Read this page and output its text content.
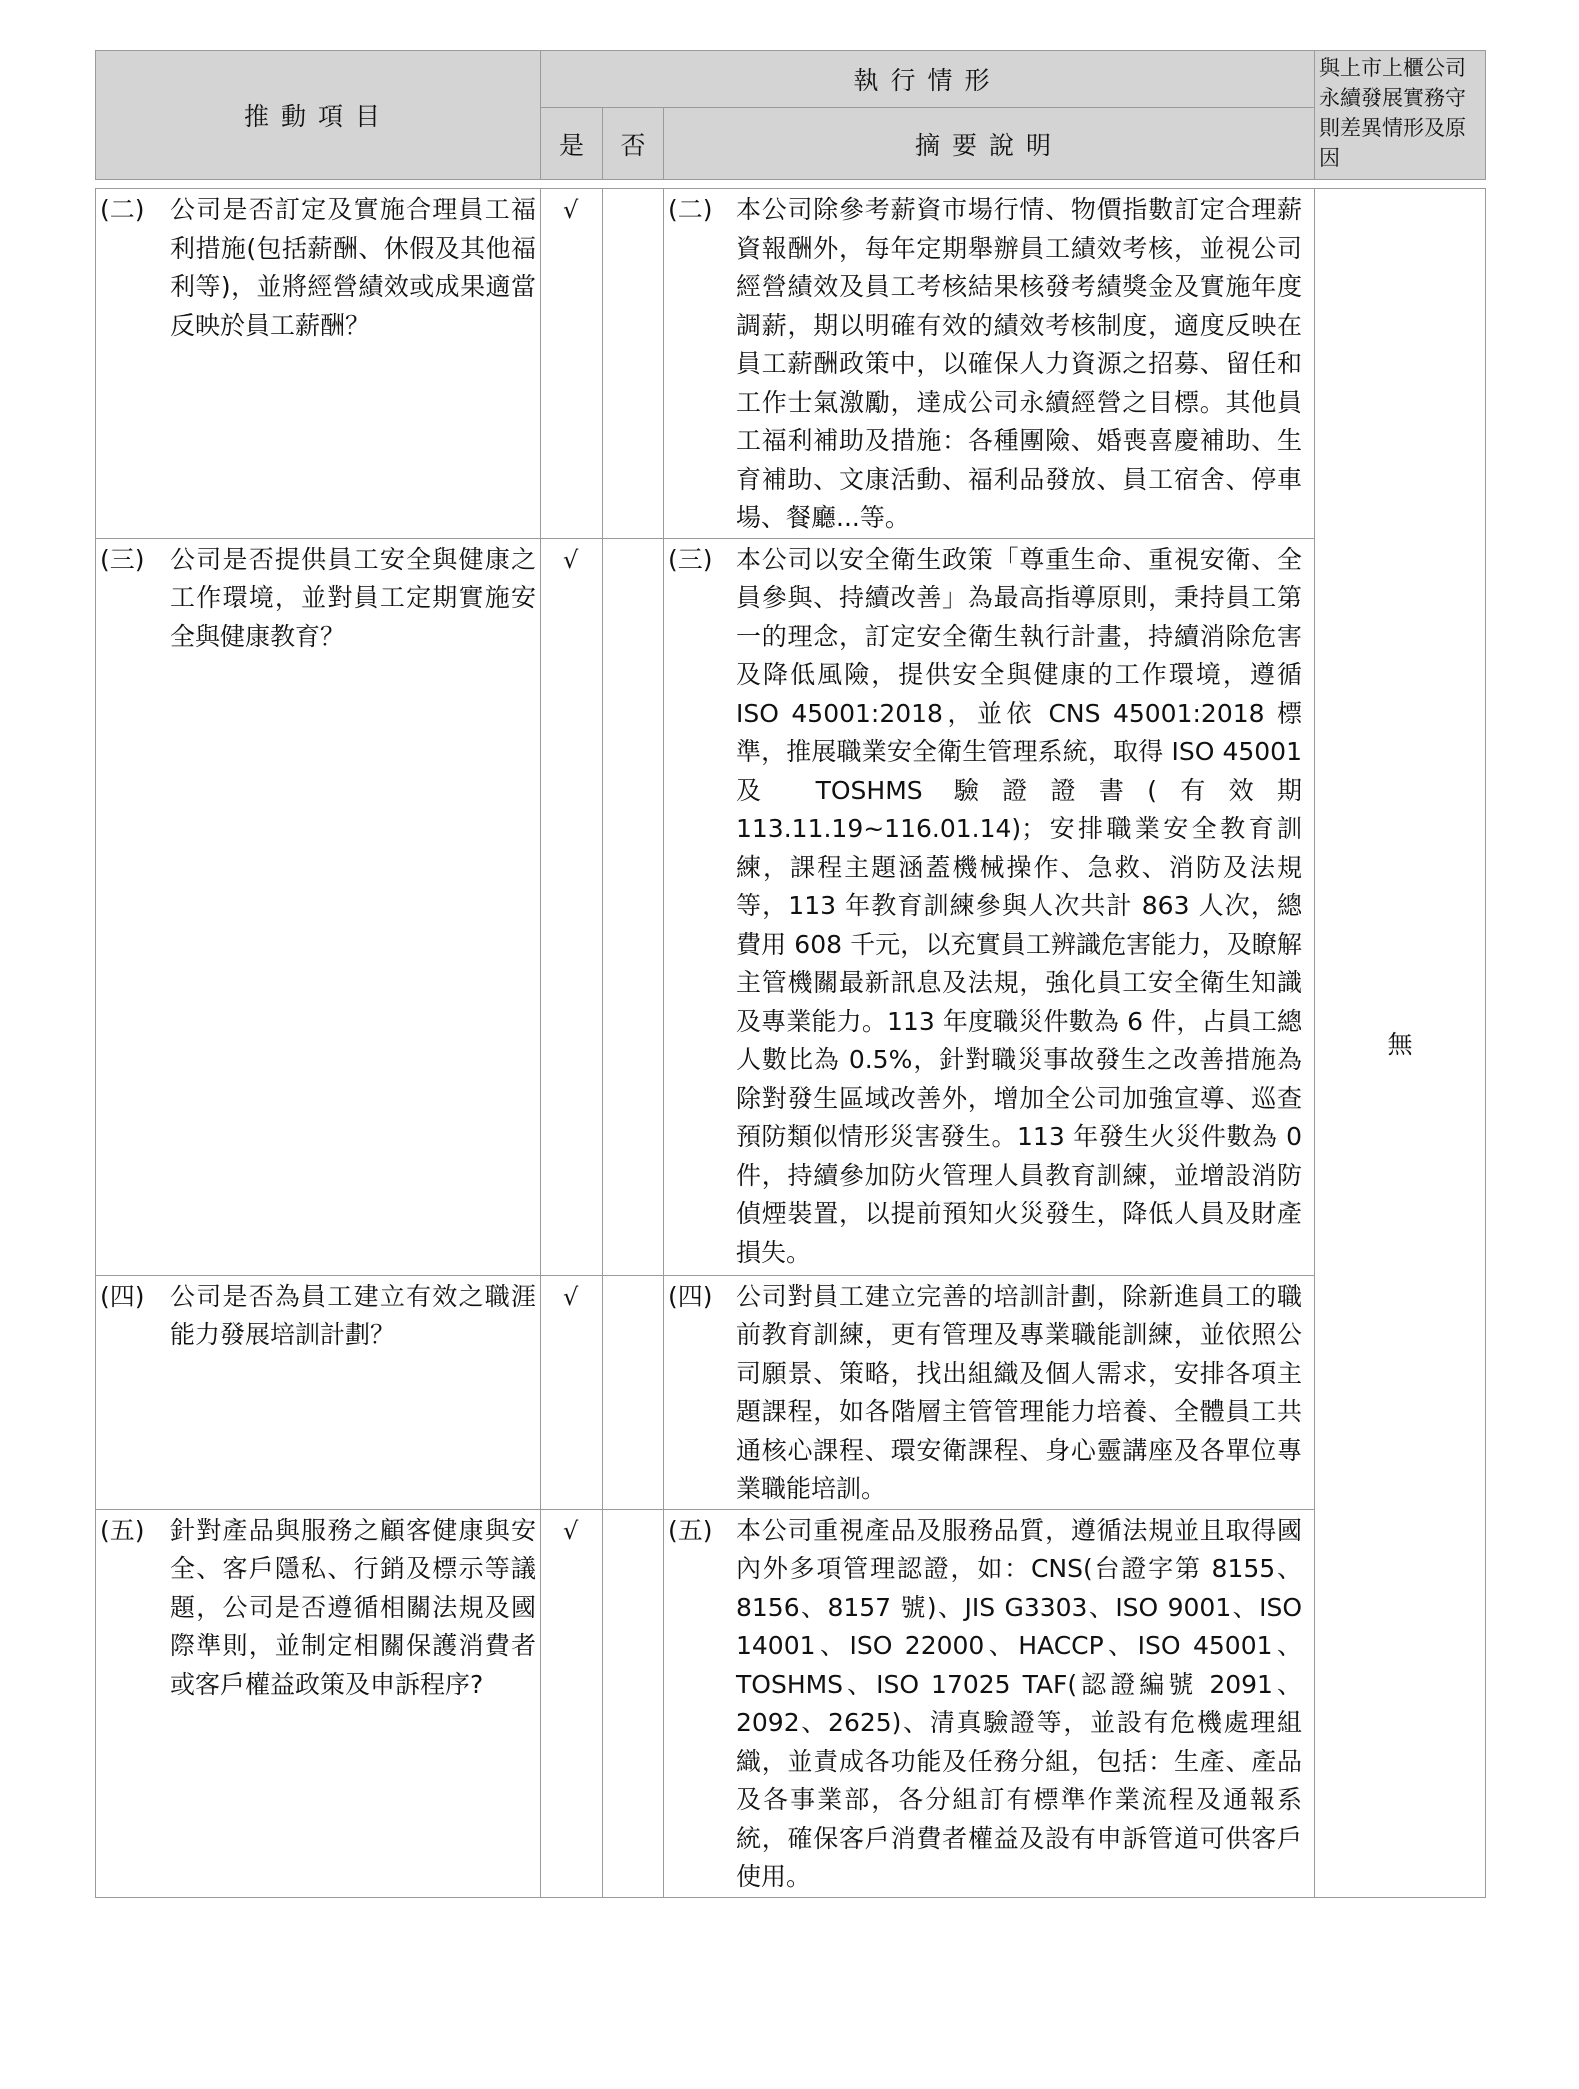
推動項目	執行情形			與上市上櫃公司永續發展實務守則差異情形及原因
	是	否	摘要說明	

(二) 公司是否訂定及實施合理員工福利措施(包括薪酬、休假及其他福利等)，並將經營績效或成果適當反映於員工薪酬？	√		(二) 本公司除參考薪資市場行情、物價指數訂定合理薪資報酬外，每年定期舉辦員工績效考核，並視公司經營績效及員工考核結果核發考績獎金及實施年度調薪，期以明確有效的績效考核制度，適度反映在員工薪酬政策中，以確保人力資源之招募、留任和工作士氣激勵，達成公司永續經營之目標。其他員工福利補助及措施：各種團險、婚喪喜慶補助、生育補助、文康活動、福利品發放、員工宿舍、停車場、餐廳...等。	無

(三) 公司是否提供員工安全與健康之工作環境，並對員工定期實施安全與健康教育？	√		(三) 本公司以安全衛生政策「尊重生命、重視安衛、全員參與、持續改善」為最高指導原則，秉持員工第一的理念，訂定安全衛生執行計畫，持續消除危害及降低風險，提供安全與健康的工作環境，遵循 ISO 45001:2018，並依 CNS 45001:2018 標準，推展職業安全衛生管理系統，取得 ISO 45001 及 TOSHMS 驗證證書(有效期 113.11.19~116.01.14)；安排職業安全教育訓練，課程主題涵蓋機械操作、急救、消防及法規等，113 年教育訓練參與人次共計 863 人次，總費用 608 千元，以充實員工辨識危害能力，及瞭解主管機關最新訊息及法規，強化員工安全衛生知識及專業能力。113 年度職災件數為 6 件，占員工總人數比為 0.5%，針對職災事故發生之改善措施為除對發生區域改善外，增加全公司加強宣導、巡查預防類似情形災害發生。113 年發生火災件數為 0 件，持續參加防火管理人員教育訓練，並增設消防偵煙裝置，以提前預知火災發生，降低人員及財產損失。	

(四) 公司是否為員工建立有效之職涯能力發展培訓計劃？	√		(四) 公司對員工建立完善的培訓計劃，除新進員工的職前教育訓練，更有管理及專業職能訓練，並依照公司願景、策略，找出組織及個人需求，安排各項主題課程，如各階層主管管理能力培養、全體員工共通核心課程、環安衛課程、身心靈講座及各單位專業職能培訓。	

(五) 針對產品與服務之顧客健康與安全、客戶隱私、行銷及標示等議題，公司是否遵循相關法規及國際準則，並制定相關保護消費者或客戶權益政策及申訴程序?	√		(五) 本公司重視產品及服務品質，遵循法規並且取得國內外多項管理認證，如：CNS(台證字第 8155、8156、8157 號)、JIS G3303、ISO 9001、ISO 14001、ISO 22000、HACCP、ISO 45001、TOSHMS、ISO 17025 TAF(認證編號 2091、2092、2625)、清真驗證等，並設有危機處理組織，並責成各功能及任務分組，包括：生產、產品及各事業部，各分組訂有標準作業流程及通報系統，確保客戶消費者權益及設有申訴管道可供客戶使用。	
